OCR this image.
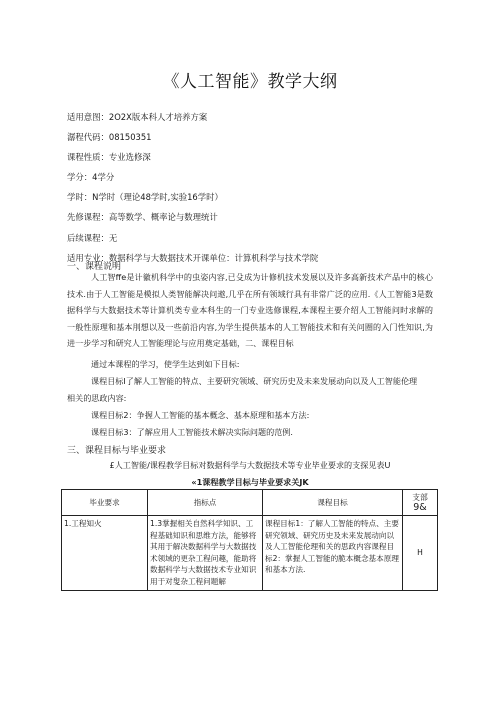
《人工智能》教学大纲
适用意图：2O2X版本科人才培养方案
潺程代码：08150351
课程性质：专业选修深
学分：4学分
学时：N学时（理论48学时,实验16学时）
先修课程：高等数学、概率论与数理统计
后续课程：无
适用专业：数据科学与大数据技术开课单位：计算机科学与技术学院
一、课程说明
人工智ffe是计徽机科学中的虫姿内容,已殳成为计修机技术发展以及许多高新技术产品中的核心技术.由于人工智能是模拟人类智能解决问遨,几乎在所有领域行具有非常广泛的应用.《人工智能3是数据科学与大数据技术等计算机类专业本科生的一门专业选修课程,本课程主要介绍人工智能问时求解的一般性原理和基本刖想以及一些前沿内容,为学生提供基本的人工智能技术和有关问圈的入门性知识,为进一步学习和研究人工智能理论与应用奠定基础，二、课程目标
通过本课程的学习，使学生达到如下目标:
课程目标I了解人工智能的特点、主要研究领域、研究历史及未来发展动向以及人工智能伦理
相关的思政内容:
课程目标2：争握人工智能的基本概念、基本原理和基本方法:
课程目标3：了解应用人工智能技术解决实际问题的范例.
三、课程目标与毕业要求
£人工智能/课程教学目标对数据科学与大数据技术等专业毕业要求的支探见表U
«1课程教学目标与毕业要求关JK
毕业要求	指标点	课程目标	支部
9&

1.工程知火	1.3掌握相关自然科学知识、工程基础知识和思维方法，能够将其用于解决数据科学与大数据技术领域的更杂工程问趣，能助将数据科学与大数据技术专业知识用于对叟杂工程问题解	课程目标1：了解人工智能的特点、主要研究领域、研究历史及未来发展动向以及人工智能伦理和关的思政内容课程目标2：掌握人工智能的脆本概念基本原理和基本方法.	H
